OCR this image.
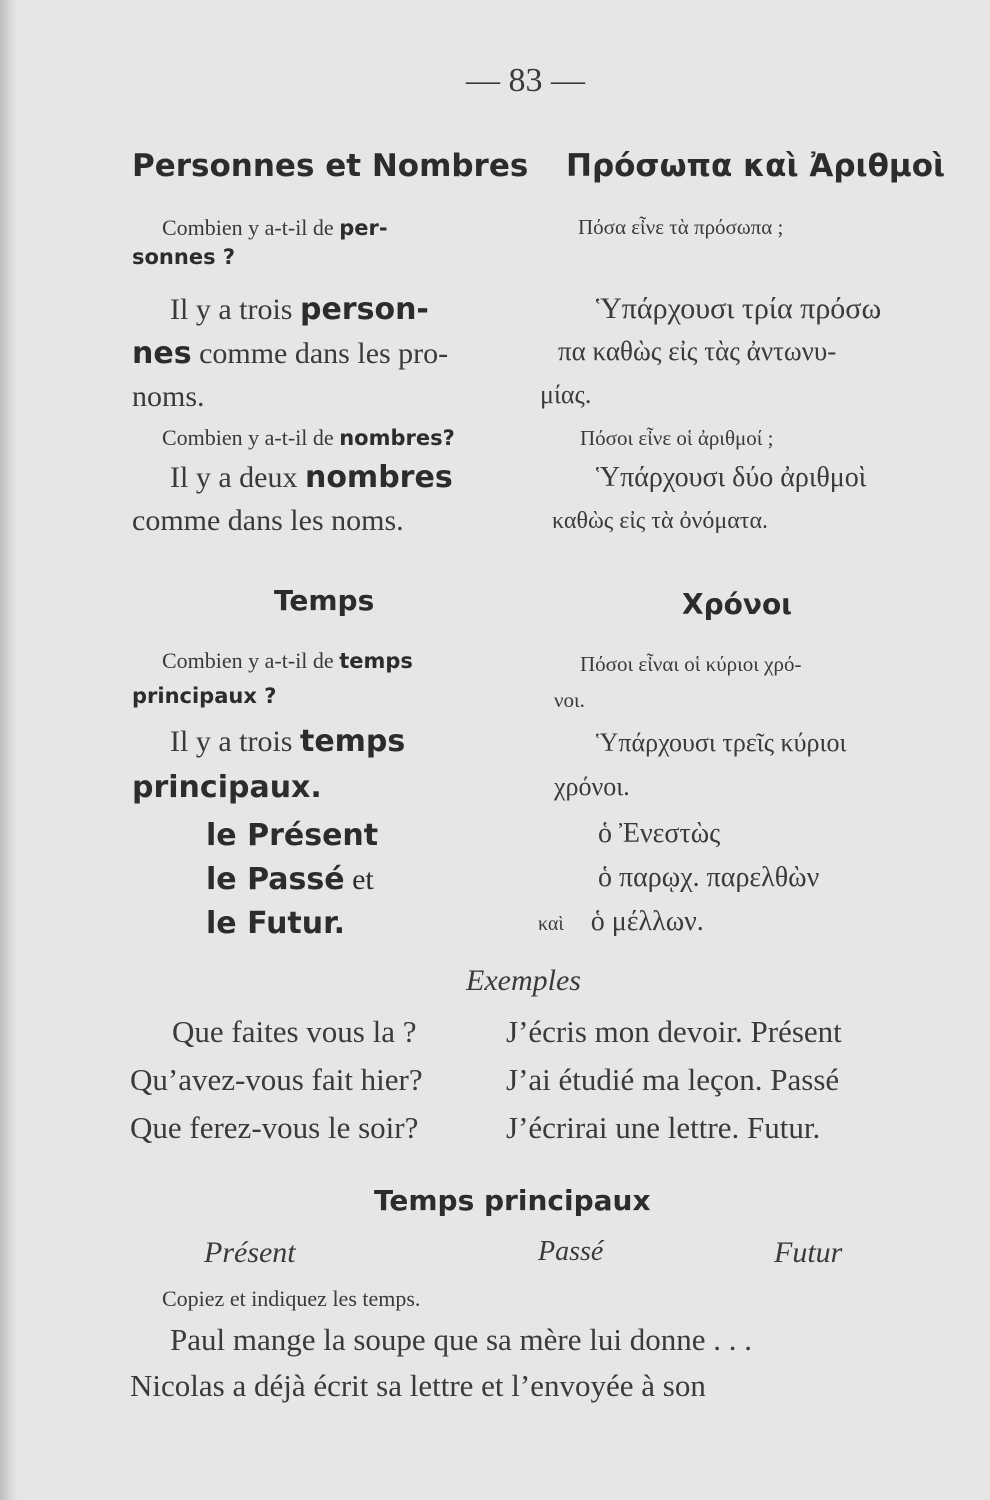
— 83 —
Personnes et Nombres Πρόσωπα καὶ Ἀριθμοὶ
Combien y a-t-il de per-
sonnes ?
Πόσα εἶνε τὰ πρόσωπα ;
Il y a trois person-
nes comme dans les pro-
noms.
Ὑπάρχουσι τρία πρόσω
πα καθὼς εἰς τὰς ἀντωνυ-
μίας.
Combien y a-t-il de nombres?	Πόσοι εἶνε οἱ ἀριθμοί ;
Il y a deux nombres
comme dans les noms.
Ὑπάρχουσι δύο ἀριθμοὶ
καθὼς εἰς τὰ ὀνόματα.
Temps	Χρόνοι
Combien y a-t-il de temps
principaux ?
Πόσοι εἶναι οἱ κύριοι χρό-
νοι.
Il y a trois temps
principaux.
Ὑπάρχουσι τρεῖς κύριοι
χρόνοι.
le Présent
le Passé et
le Futur.
ὁ Ἐνεστὼς
ὁ παρῳχ. παρελθὼν
καὶ ὁ μέλλων.
Exemples
Que faites vous la ?	J’écris mon devoir. Présent
Qu’avez-vous fait hier?	J’ai étudié ma leçon. Passé
Que ferez-vous le soir?	J’écrirai une lettre. Futur.
Temps principaux
Présent	Passé	Futur
Copiez et indiquez les temps.
Paul mange la soupe que sa mère lui donne . . .
Nicolas a déjà écrit sa lettre et l’envoyée à son
